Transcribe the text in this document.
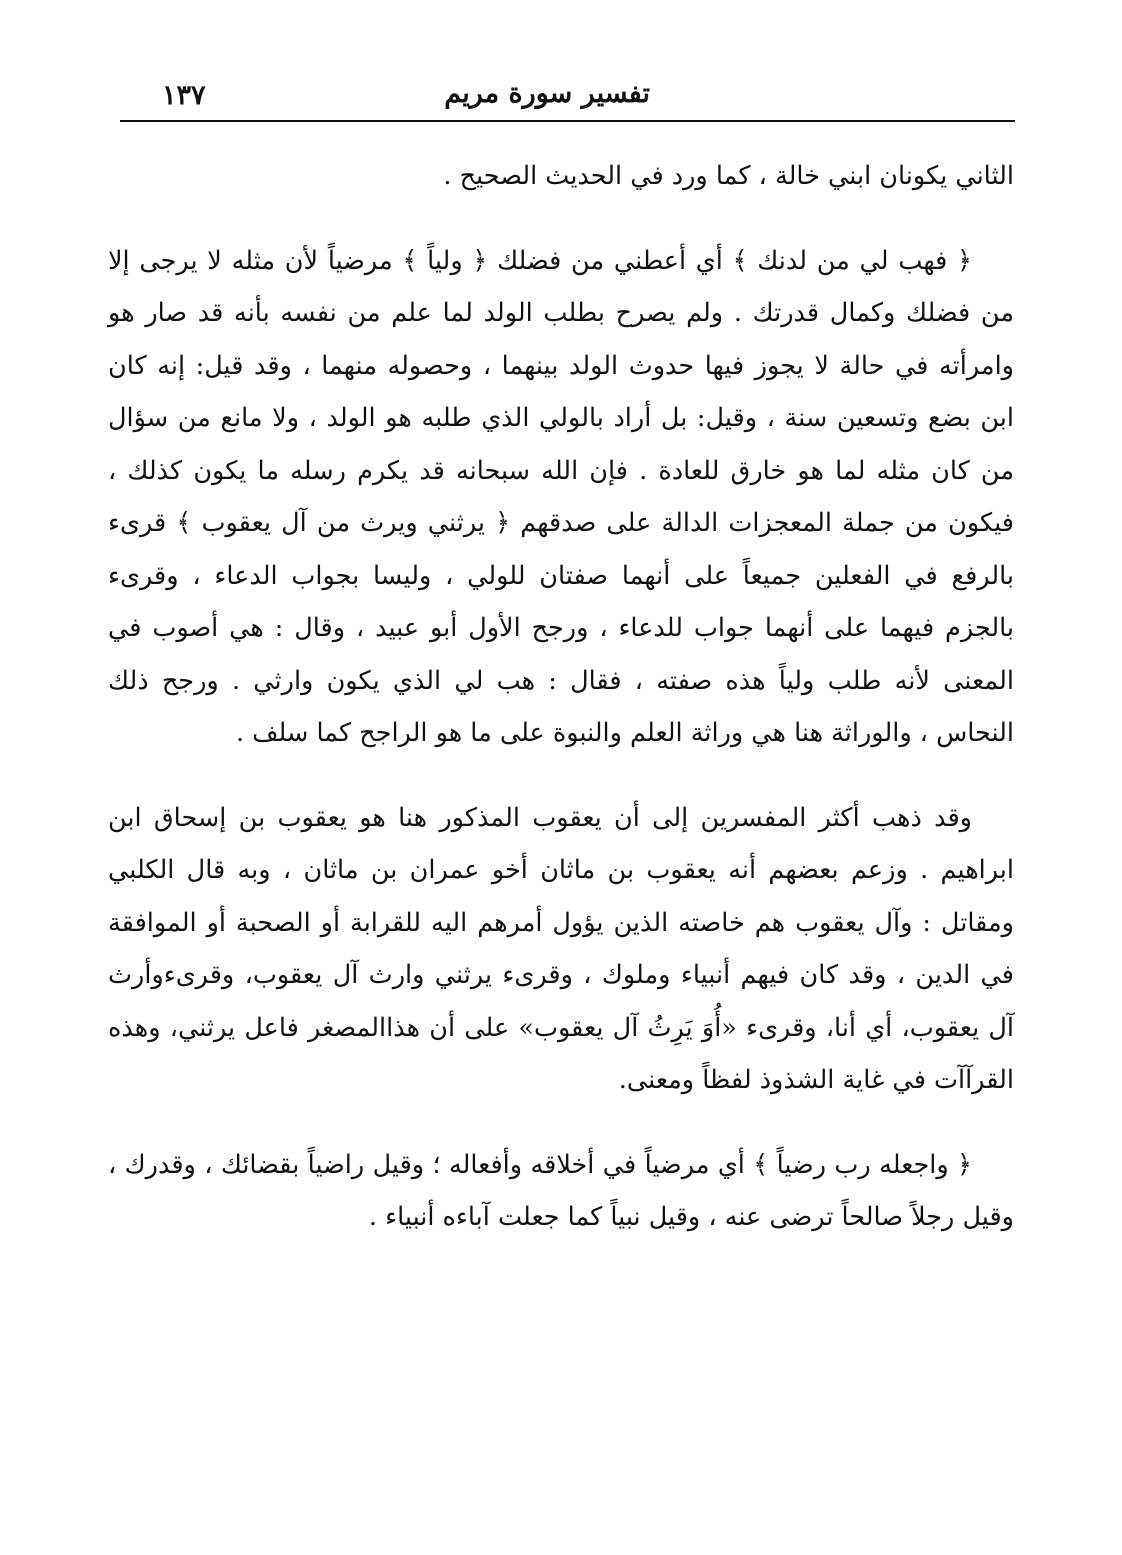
تفسير سورة مريم
١٣٧

الثاني يكونان ابني خالة ، كما ورد في الحديث الصحيح .

﴿ فهب لي من لدنك ﴾ أي أعطني من فضلك ﴿ ولياً ﴾ مرضياً لأن مثله لا يرجى إلا من فضلك وكمال قدرتك . ولم يصرح بطلب الولد لما علم من نفسه بأنه قد صار هو وامرأته في حالة لا يجوز فيها حدوث الولد بينهما ، وحصوله منهما ، وقد قيل: إنه كان ابن بضع وتسعين سنة ، وقيل: بل أراد بالولي الذي طلبه هو الولد ، ولا مانع من سؤال من كان مثله لما هو خارق للعادة . فإن الله سبحانه قد يكرم رسله ما يكون كذلك ، فيكون من جملة المعجزات الدالة على صدقهم ﴿ يرثني ويرث من آل يعقوب ﴾ قرىء بالرفع في الفعلين جميعاً على أنهما صفتان للولي ، وليسا بجواب الدعاء ، وقرىء بالجزم فيهما على أنهما جواب للدعاء ، ورجح الأول أبو عبيد ، وقال : هي أصوب في المعنى لأنه طلب ولياً هذه صفته ، فقال : هب لي الذي يكون وارثي . ورجح ذلك النحاس ، والوراثة هنا هي وراثة العلم والنبوة على ما هو الراجح كما سلف .

وقد ذهب أكثر المفسرين إلى أن يعقوب المذكور هنا هو يعقوب بن إسحاق ابن ابراهيم . وزعم بعضهم أنه يعقوب بن ماثان أخو عمران بن ماثان ، وبه قال الكلبي ومقاتل : وآل يعقوب هم خاصته الذين يؤول أمرهم اليه للقرابة أو الصحبة أو الموافقة في الدين ، وقد كان فيهم أنبياء وملوك ، وقرىء يرثني وارث آل يعقوب، وقرىءوأرث آل يعقوب، أي أنا، وقرىء «أُوَ يَرِثُ آل يعقوب» على أن هذاالمصغر فاعل يرثني، وهذه القرآآت في غاية الشذوذ لفظاً ومعنى.

﴿ واجعله رب رضياً ﴾ أي مرضياً في أخلاقه وأفعاله ؛ وقيل راضياً بقضائك ، وقدرك ، وقيل رجلاً صالحاً ترضى عنه ، وقيل نبياً كما جعلت آباءه أنبياء .
